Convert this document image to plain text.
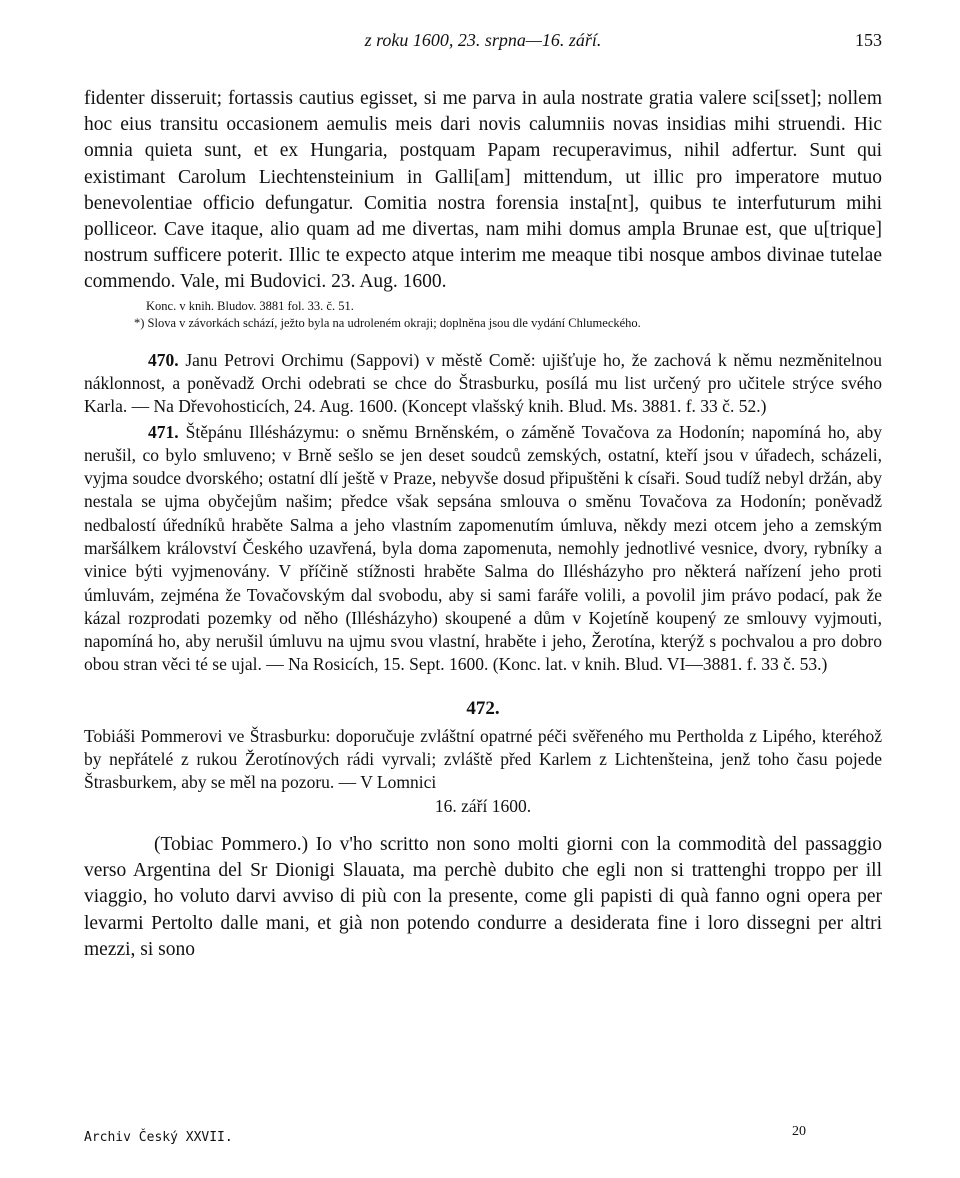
z roku 1600, 23. srpna—16. září.	153

fidenter disseruit; fortassis cautius egisset, si me parva in aula nostrate gratia valere sci[sset]; nollem hoc eius transitu occasionem aemulis meis dari novis calumniis novas insidias mihi struendi. Hic omnia quieta sunt, et ex Hungaria, postquam Papam recuperavimus, nihil adfertur. Sunt qui existimant Carolum Liechtensteinium in Galli[am] mittendum, ut illic pro imperatore mutuo benevolentiae officio defungatur. Comitia nostra forensia insta[nt], quibus te interfuturum mihi polliceor. Cave itaque, alio quam ad me divertas, nam mihi domus ampla Brunae est, que u[trique] nostrum sufficere poterit. Illic te expecto atque interim me meaque tibi nosque ambos divinae tutelae commendo. Vale, mi Budovici. 23. Aug. 1600.

Konc. v knih. Bludov. 3881 fol. 33. č. 51.

*) Slova v závorkách schází, ježto byla na udroleném okraji; doplněna jsou dle vydání Chlumeckého.

470. Janu Petrovi Orchimu (Sappovi) v městě Comě: ujišťuje ho, že zachová k němu nezměnitelnou náklonnost, a poněvadž Orchi odebrati se chce do Štrasburku, posílá mu list určený pro učitele strýce svého Karla. — Na Dřevohosticích, 24. Aug. 1600. (Koncept vlašský knih. Blud. Ms. 3881. f. 33 č. 52.)

471. Štěpánu Illésházymu: o sněmu Brněnském, o záměně Tovačova za Hodonín; napomíná ho, aby nerušil, co bylo smluveno; v Brně sešlo se jen deset soudců zemských, ostatní, kteří jsou v úřadech, scházeli, vyjma soudce dvorského; ostatní dlí ještě v Praze, nebyvše dosud připuštěni k císaři. Soud tudíž nebyl držán, aby nestala se ujma obyčejům našim; předce však sepsána smlouva o směnu Tovačova za Hodonín; poněvadž nedbalostí úředníků hraběte Salma a jeho vlastním zapomenutím úmluva, někdy mezi otcem jeho a zemským maršálkem království Českého uzavřená, byla doma zapomenuta, nemohly jednotlivé vesnice, dvory, rybníky a vinice býti vyjmenovány. V příčině stížnosti hraběte Salma do Illésházyho pro některá nařízení jeho proti úmluvám, zejména že Tovačovským dal svobodu, aby si sami faráře volili, a povolil jim právo podací, pak že kázal rozprodati pozemky od něho (Illésházyho) skoupené a dům v Kojetíně koupený ze smlouvy vyjmouti, napomíná ho, aby nerušil úmluvu na ujmu svou vlastní, hraběte i jeho, Žerotína, kterýž s pochvalou a pro dobro obou stran věci té se ujal. — Na Rosicích, 15. Sept. 1600. (Konc. lat. v knih. Blud. VI—3881. f. 33 č. 53.)

472.

Tobiáši Pommerovi ve Štrasburku: doporučuje zvláštní opatrné péči svěřeného mu Pertholda z Lipého, kteréhož by nepřátelé z rukou Žerotínových rádi vyrvali; zvláště před Karlem z Lichtenšteina, jenž toho času pojede Štrasburkem, aby se měl na pozoru. — V Lomnici

16. září 1600.

(Tobiac Pommero.) Io v'ho scritto non sono molti giorni con la commodità del passaggio verso Argentina del Sr Dionigi Slauata, ma perchè dubito che egli non si trattenghi troppo per ill viaggio, ho voluto darvi avviso di più con la presente, come gli papisti di quà fanno ogni opera per levarmi Pertolto dalle mani, et già non potendo condurre a desiderata fine i loro dissegni per altri mezzi, si sono

Archiv Český XXVII.	20
